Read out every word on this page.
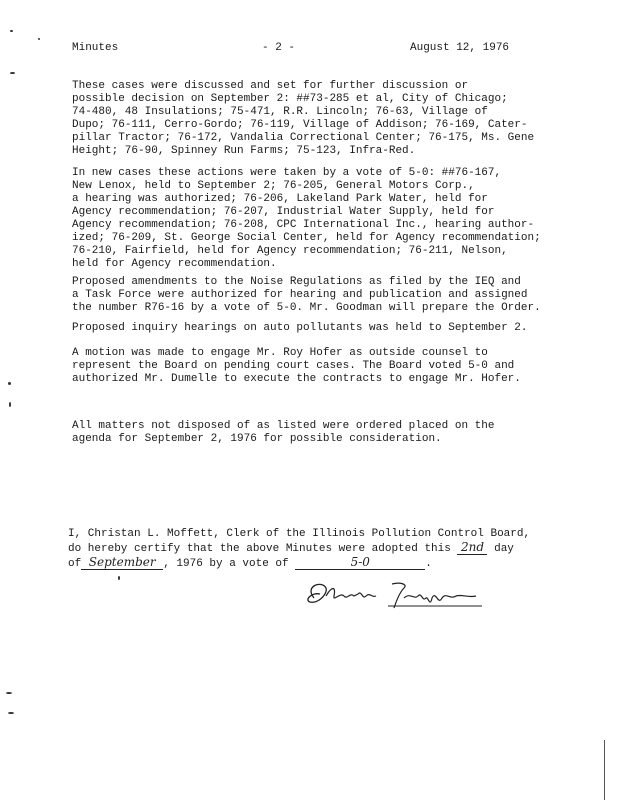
Minutes	- 2 -	August 12, 1976
These cases were discussed and set for further discussion or
possible decision on September 2: ##73-285 et al, City of Chicago;
74-480, 48 Insulations; 75-471, R.R. Lincoln; 76-63, Village of
Dupo; 76-111, Cerro-Gordo; 76-119, Village of Addison; 76-169, Cater-
pillar Tractor; 76-172, Vandalia Correctional Center; 76-175, Ms. Gene
Height; 76-90, Spinney Run Farms; 75-123, Infra-Red.
In new cases these actions were taken by a vote of 5-0: ##76-167,
New Lenox, held to September 2; 76-205, General Motors Corp.,
a hearing was authorized; 76-206, Lakeland Park Water, held for
Agency recommendation; 76-207, Industrial Water Supply, held for
Agency recommendation; 76-208, CPC International Inc., hearing author-
ized; 76-209, St. George Social Center, held for Agency recommendation;
76-210, Fairfield, held for Agency recommendation; 76-211, Nelson,
held for Agency recommendation.
Proposed amendments to the Noise Regulations as filed by the IEQ and
a Task Force were authorized for hearing and publication and assigned
the number R76-16 by a vote of 5-0. Mr. Goodman will prepare the Order.
Proposed inquiry hearings on auto pollutants was held to September 2.
A motion was made to engage Mr. Roy Hofer as outside counsel to
represent the Board on pending court cases. The Board voted 5-0 and
authorized Mr. Dumelle to execute the contracts to engage Mr. Hofer.
All matters not disposed of as listed were ordered placed on the
agenda for September 2, 1976 for possible consideration.
I, Christan L. Moffett, Clerk of the Illinois Pollution Control Board,
do hereby certify that the above Minutes were adopted this 2nd day
of September , 1976 by a vote of	5-0	.
